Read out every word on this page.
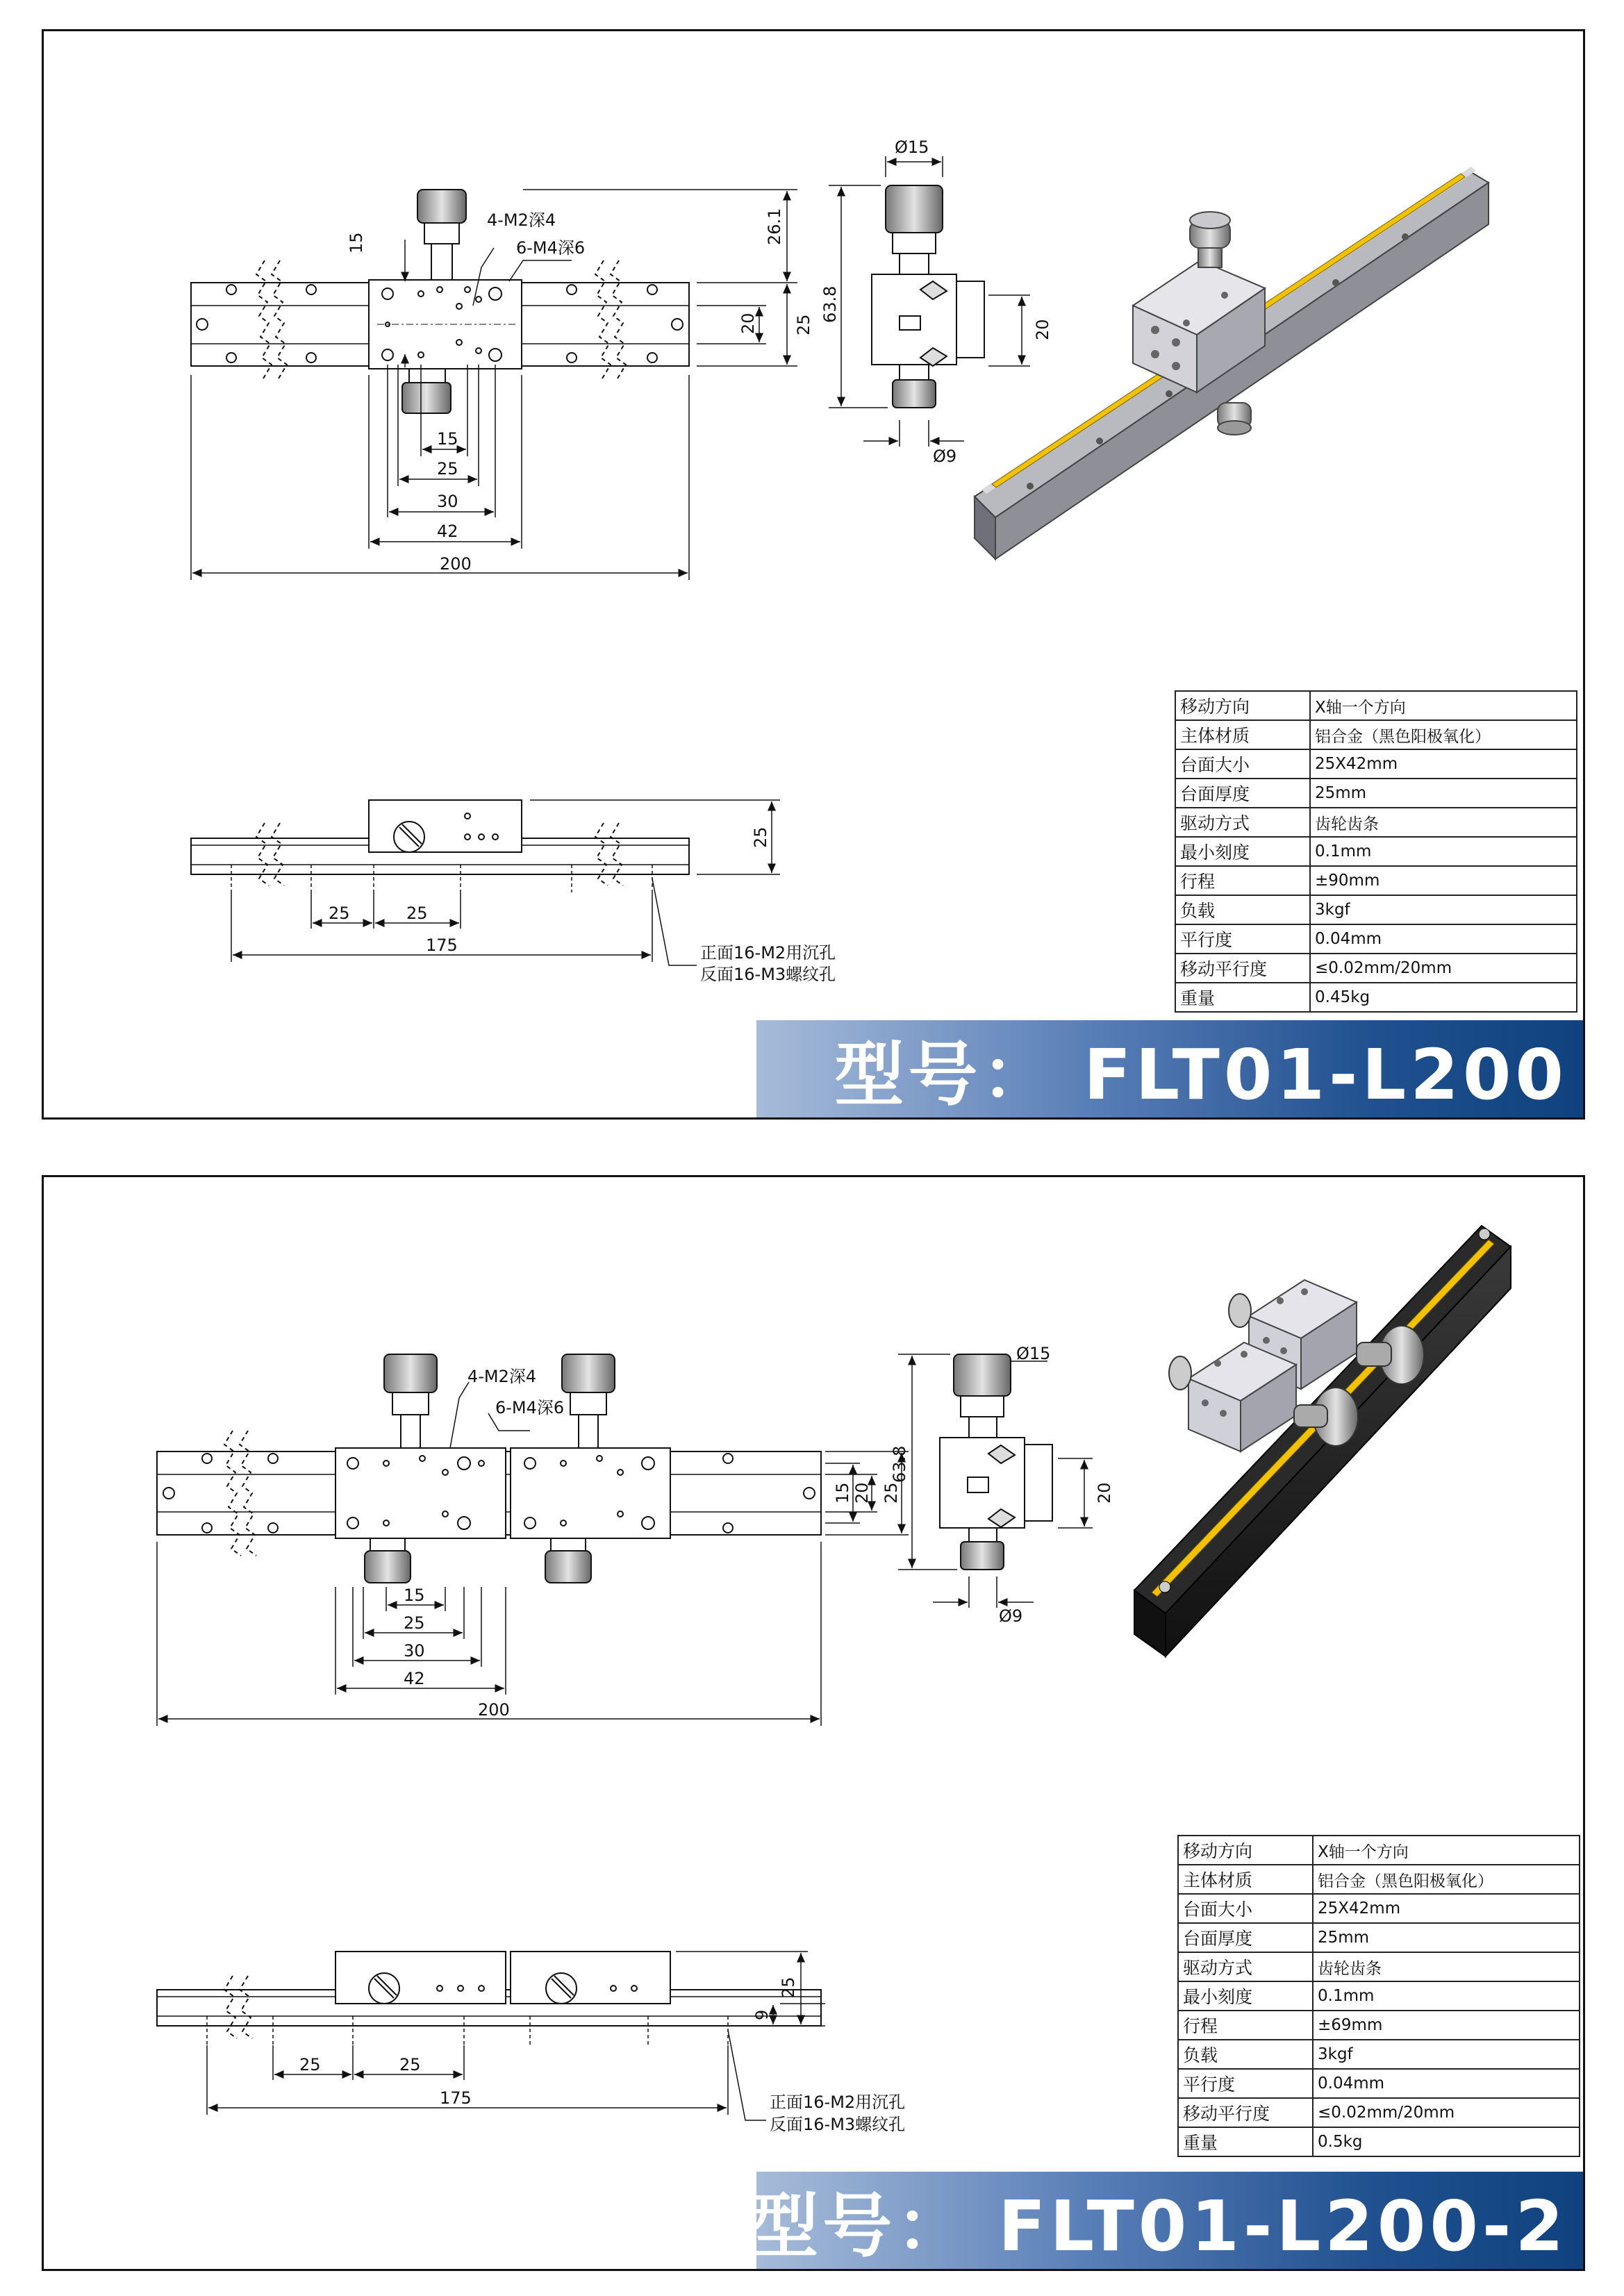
200
42
30
25
15
15	26.1
25
20
4-M2深4
6-M4深6
Ø15
Ø9
63.8
20
25	25
175
25
正面16-M2用沉孔
反面16-M3螺纹孔
移动方向	X轴一个方向
主体材质	铝合金（黑色阳极氧化）
台面大小	25X42mm
台面厚度	25mm
驱动方式	齿轮齿条
最小刻度	0.1mm
行程	±90mm
负载	3kgf
平行度	0.04mm
移动平行度	≤0.02mm/20mm
重量	0.45kg
型号： FLT01-L200
200
42
30
25
15
15 20 25
4-M2深4
6-M4深6
Ø15
Ø9
63.8
20
25	25
175
25
9
正面16-M2用沉孔
反面16-M3螺纹孔
移动方向	X轴一个方向
主体材质	铝合金（黑色阳极氧化）
台面大小	25X42mm
台面厚度	25mm
驱动方式	齿轮齿条
最小刻度	0.1mm
行程	±69mm
负载	3kgf
平行度	0.04mm
移动平行度	≤0.02mm/20mm
重量	0.5kg
型号： FLT01-L200-2
